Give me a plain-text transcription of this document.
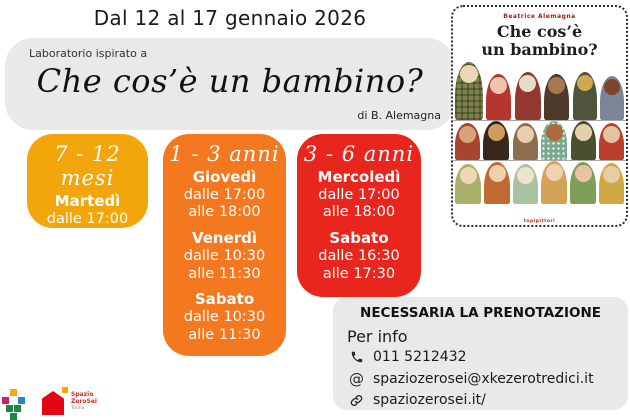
Dal 12 al 17 gennaio 2026
Laboratorio ispirato a
Che cos’è un bambino?
di B. Alemagna
Beatrice Alemagna
Che cos’è
un bambino?
topipittori
7 - 12 mesi
Martedì
dalle 17:00
alle 18:00
1 - 3 anni
Giovedì
dalle 17:00
alle 18:00
Venerdì
dalle 10:30
alle 11:30
Sabato
dalle 10:30
alle 11:30
3 - 6 anni
Mercoledì
dalle 17:00
alle 18:00
Sabato
dalle 16:30
alle 17:30
NECESSARIA LA PRENOTAZIONE
Per info
011 5212432
@ spaziozerosei@xkezerotredici.it
spaziozerosei.it/
Spazio
ZeroSei
Torino
